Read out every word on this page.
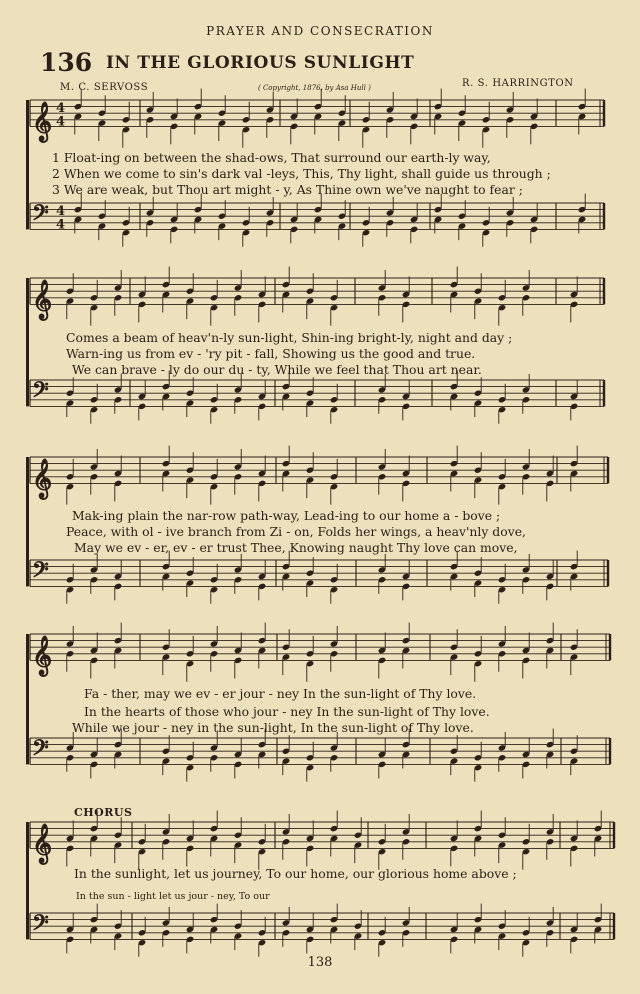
𝄞 4
4
𝄢 4
4
𝄞
𝄢
𝄞
𝄢
𝄞
𝄢
𝄞
𝄢
PRAYER AND CONSECRATION
136 IN THE GLORIOUS SUNLIGHT
M. C. SERVOSS	( Copyright, 1876, by Asa Hull )	R. S. HARRINGTON
1 Float-ing on between the shad-ows, That surround our earth-ly way,
2 When we come to sin's dark val -leys, This, Thy light, shall guide us through ;
3 We are weak, but Thou art might - y, As Thine own we've naught to fear ;
Comes a beam of heav'n-ly sun-light, Shin-ing bright-ly, night and day ;
Warn-ing us from ev - 'ry pit - fall, Showing us the good and true.
We can brave - ly do our du - ty, While we feel that Thou art near.
Mak-ing plain the nar-row path-way, Lead-ing to our home a - bove ;
Peace, with ol - ive branch from Zi - on, Folds her wings, a heav'nly dove,
May we ev - er, ev - er trust Thee, Knowing naught Thy love can move,
Fa - ther, may we ev - er jour - ney In the sun-light of Thy love.
In the hearts of those who jour - ney In the sun-light of Thy love.
While we jour - ney in the sun-light, In the sun-light of Thy love.
CHORUS
In the sunlight, let us journey, To our home, our glorious home above ;
In the sun - light let us jour - ney, To our
138
